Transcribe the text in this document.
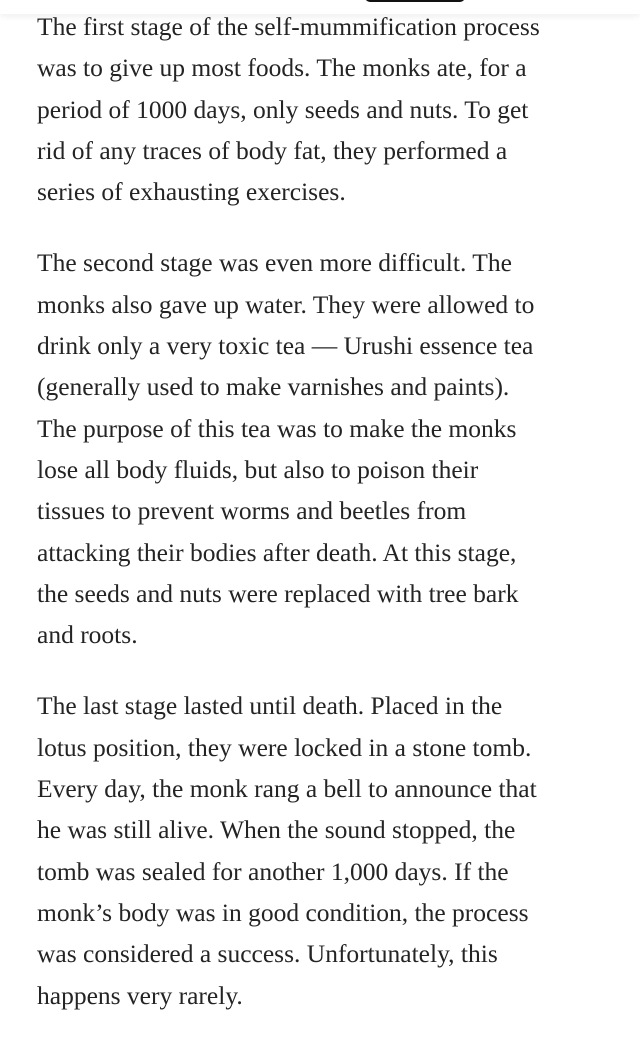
The first stage of the self-mummification process
was to give up most foods. The monks ate, for a
period of 1000 days, only seeds and nuts. To get
rid of any traces of body fat, they performed a
series of exhausting exercises.

The second stage was even more difficult. The
monks also gave up water. They were allowed to
drink only a very toxic tea — Urushi essence tea
(generally used to make varnishes and paints).
The purpose of this tea was to make the monks
lose all body fluids, but also to poison their
tissues to prevent worms and beetles from
attacking their bodies after death. At this stage,
the seeds and nuts were replaced with tree bark
and roots.

The last stage lasted until death. Placed in the
lotus position, they were locked in a stone tomb.
Every day, the monk rang a bell to announce that
he was still alive. When the sound stopped, the
tomb was sealed for another 1,000 days. If the
monk’s body was in good condition, the process
was considered a success. Unfortunately, this
happens very rarely.
